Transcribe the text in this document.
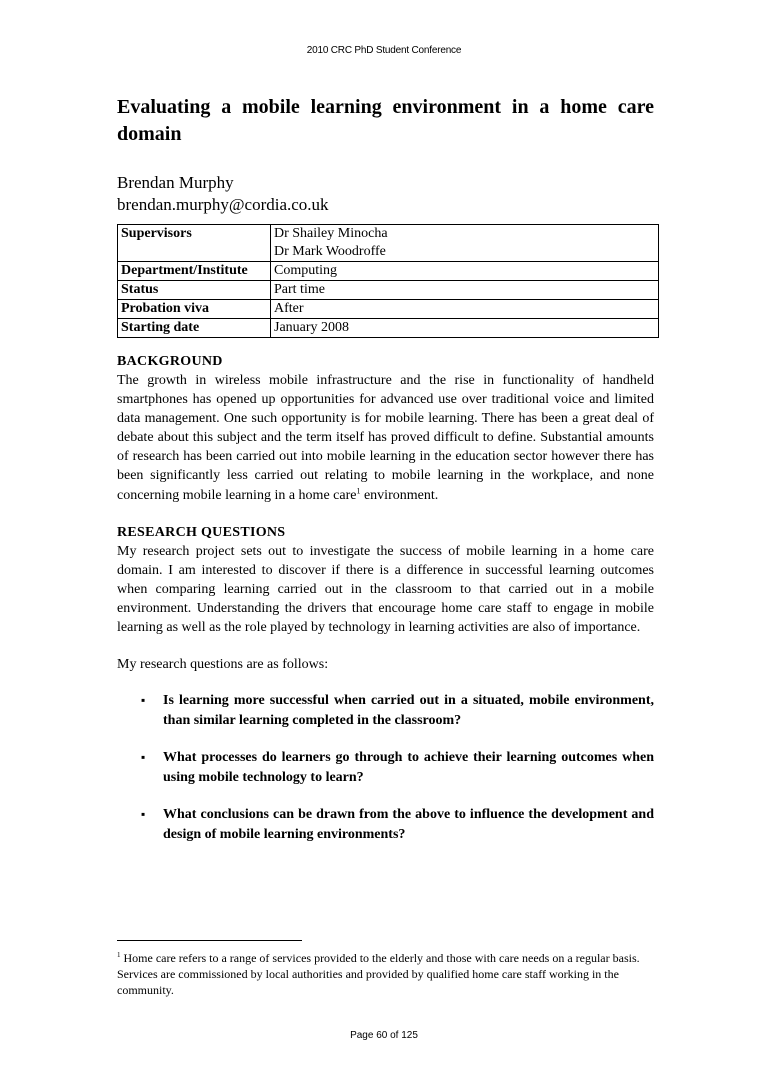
2010 CRC PhD Student Conference
Evaluating a mobile learning environment in a home care domain
Brendan Murphy
brendan.murphy@cordia.co.uk
Supervisors	Dr Shailey Minocha
Dr Mark Woodroffe

Department/Institute	Computing
Status	Part time
Probation viva	After
Starting date	January 2008
BACKGROUND

The growth in wireless mobile infrastructure and the rise in functionality of handheld smartphones has opened up opportunities for advanced use over traditional voice and limited data management. One such opportunity is for mobile learning. There has been a great deal of debate about this subject and the term itself has proved difficult to define. Substantial amounts of research has been carried out into mobile learning in the education sector however there has been significantly less carried out relating to mobile learning in the workplace, and none concerning mobile learning in a home care$^1$ environment.

RESEARCH QUESTIONS

My research project sets out to investigate the success of mobile learning in a home care domain. I am interested to discover if there is a difference in successful learning outcomes when comparing learning carried out in the classroom to that carried out in a mobile environment. Understanding the drivers that encourage home care staff to engage in mobile learning as well as the role played by technology in learning activities are also of importance.

My research questions are as follows:

▪ Is learning more successful when carried out in a situated, mobile environment, than similar learning completed in the classroom?
▪ What processes do learners go through to achieve their learning outcomes when using mobile technology to learn?
▪ What conclusions can be drawn from the above to influence the development and design of mobile learning environments?
$^1$ Home care refers to a range of services provided to the elderly and those with care needs on a regular basis. Services are commissioned by local authorities and provided by qualified home care staff working in the community.
Page 60 of 125
